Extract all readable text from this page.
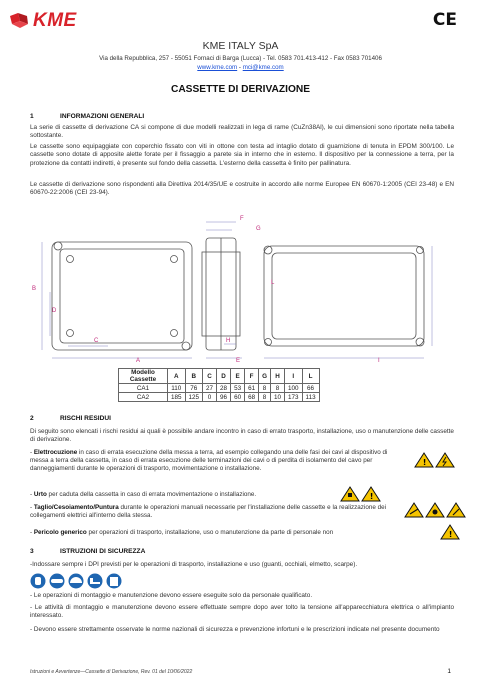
KME	CE
KME ITALY SpA
Via della Repubblica, 257 - 55051 Fornaci di Barga (Lucca) - Tel. 0583 701.413-412 - Fax 0583 701406
www.kme.com - mci@kme.com
CASSETTE DI DERIVAZIONE
1	INFORMAZIONI GENERALI
La serie di cassette di derivazione CA si compone di due modelli realizzati in lega di rame (CuZn38Al), le cui dimensioni sono riportate nella tabella sottostante.
Le cassette sono equipaggiate con coperchio fissato con viti in ottone con testa ad intaglio dotato di guarnizione di tenuta in EPDM 300/100. Le cassette sono dotate di apposite alette forate per il fissaggio a parete sia in interno che in esterno. Il dispositivo per la connessione a terra, per la protezione da contatti indiretti, è presente sul fondo della cassetta. L'esterno della cassetta è finito per pallinatura.
Le cassette di derivazione sono rispondenti alla Direttiva 2014/35/UE e costruite in accordo alle norme Europee EN 60670-1:2005 (CEI 23-48) e EN 60670-22:2006 (CEI 23-94).
B
D
C
A
F
G
H
E	I
L
Modello Cassette	A	B	C	D	E	F	G	H	I	L
CA1	110	76	27	28	53	61	8	8	100	66
CA2	185	125	0	96	60	68	8	10	173	113
2	RISCHI RESIDUI
Di seguito sono elencati i rischi residui ai quali è possibile andare incontro in caso di errato trasporto, installazione, uso o manutenzione delle cassette di derivazione.
- Elettrocuzione in caso di errata esecuzione della messa a terra, ad esempio collegando una delle fasi dei cavi al dispositivo di messa a terra della cassetta, in caso di errata esecuzione delle terminazioni dei cavi o di perdita di isolamento del cavo per danneggiamenti durante le operazioni di trasporto, movimentazione o installazione.
!
- Urto per caduta della cassetta in caso di errata movimentazione o installazione.	!
- Taglio/Cesoiamento/Puntura durante le operazioni manuali necessarie per l'installazione delle cassette e la realizzazione dei collegamenti elettrici all'interno della stessa.
- Pericolo generico per operazioni di trasporto, installazione, uso o manutenzione da parte di personale non	!
3	ISTRUZIONI DI SICUREZZA
-Indossare sempre i DPI previsti per le operazioni di trasporto, installazione e uso (guanti, occhiali, elmetto, scarpe).
- Le operazioni di montaggio e manutenzione devono essere eseguite solo da personale qualificato.
- Le attività di montaggio e manutenzione devono essere effettuate sempre dopo aver tolto la tensione all'apparecchiatura elettrica o all'impianto interessato.
- Devono essere strettamente osservate le norme nazionali di sicurezza e prevenzione infortuni e le prescrizioni indicate nel presente documento
Istruzioni e Avvertenze—Cassette di Derivazione, Rev. 01 del 10/06/2022	1
